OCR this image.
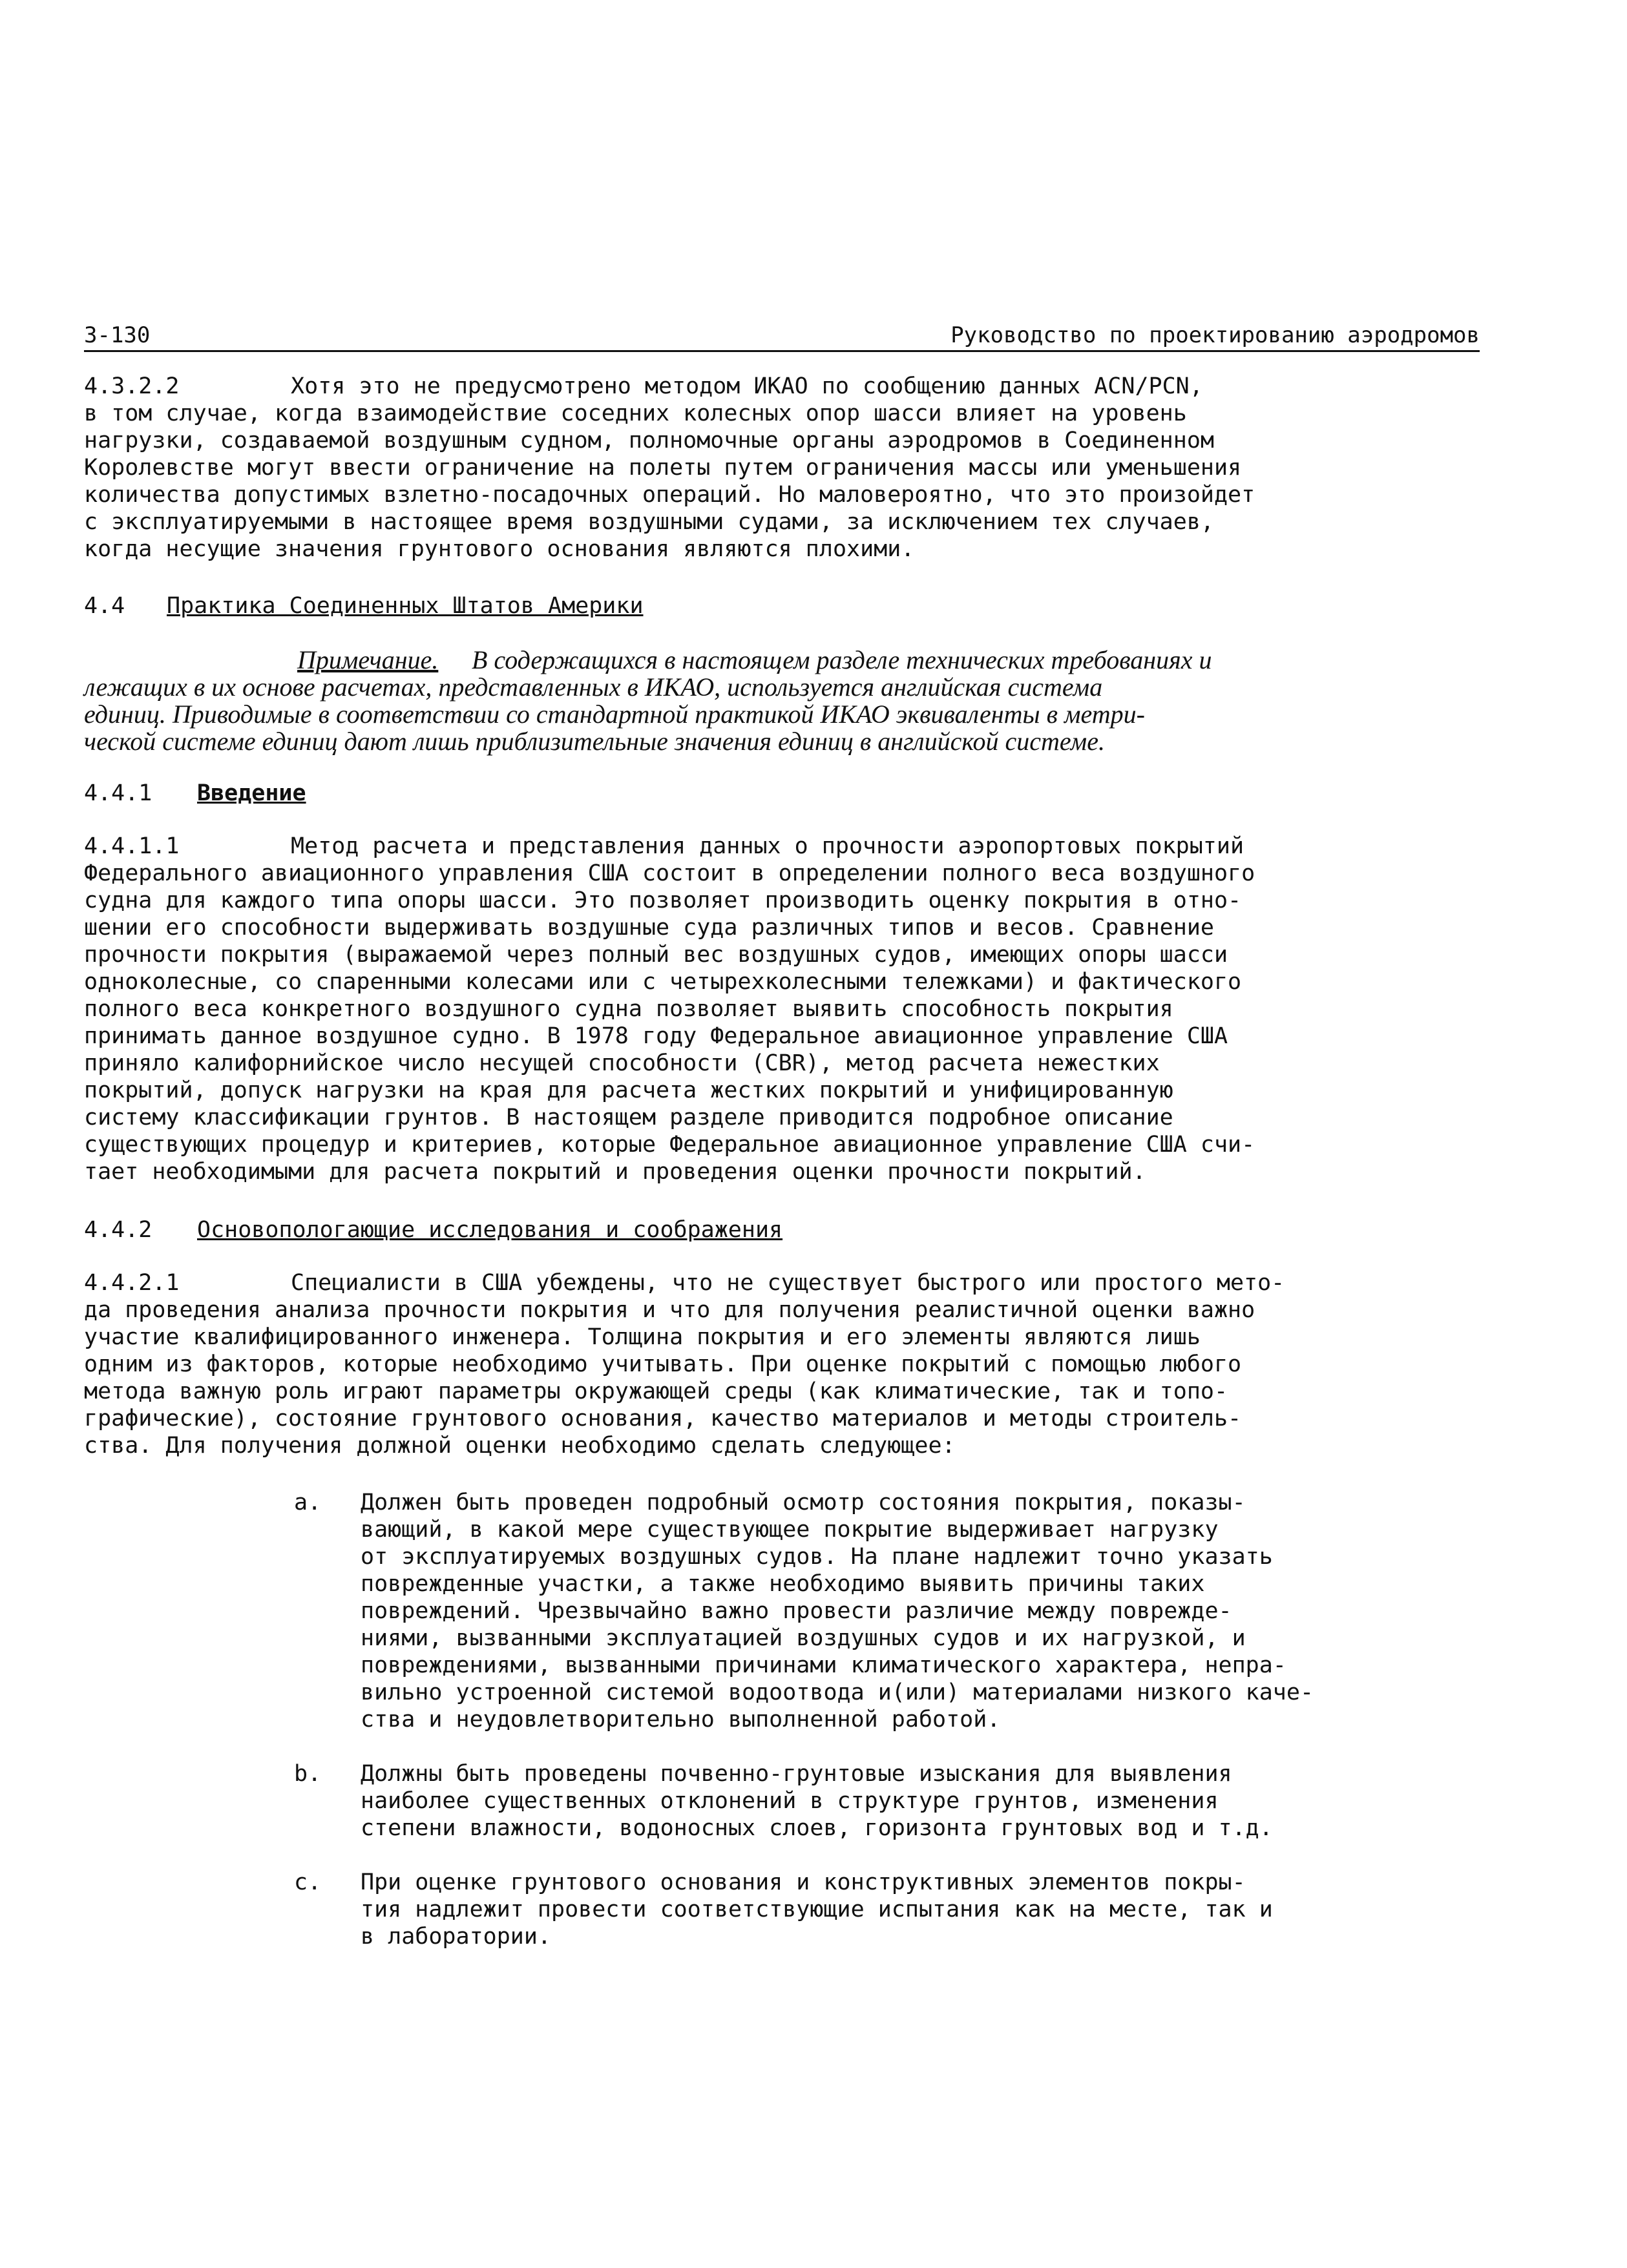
3-130	Руководство по проектированию аэродромов
4.3.2.2	Хотя это не предусмотрено методом ИКАО по сообщению данных ACN/PCN,
в том случае, когда взаимодействие соседних колесных опор шасси влияет на уровень
нагрузки, создаваемой воздушным судном, полномочные органы аэродромов в Соединенном
Королевстве могут ввести ограничение на полеты путем ограничения массы или уменьшения
количества допустимых взлетно-посадочных операций. Но маловероятно, что это произойдет
с эксплуатируемыми в настоящее время воздушными судами, за исключением тех случаев,
когда несущие значения грунтового основания являются плохими.
4.4 Практика Соединенных Штатов Америки
Примечание. В содержащихся в настоящем разделе технических требованиях и
лежащих в их основе расчетах, представленных в ИКАО, используется английская система
единиц. Приводимые в соответствии со стандартной практикой ИКАО эквиваленты в метри-
ческой системе единиц дают лишь приблизительные значения единиц в английской системе.
4.4.1 Введение
4.4.1.1	Метод расчета и представления данных о прочности аэропортовых покрытий
Федерального авиационного управления США состоит в определении полного веса воздушного
судна для каждого типа опоры шасси. Это позволяет производить оценку покрытия в отно-
шении его способности выдерживать воздушные суда различных типов и весов. Сравнение
прочности покрытия (выражаемой через полный вес воздушных судов, имеющих опоры шасси
одноколесные, со спаренными колесами или с четырехколесными тележками) и фактического
полного веса конкретного воздушного судна позволяет выявить способность покрытия
принимать данное воздушное судно. В 1978 году Федеральное авиационное управление США
приняло калифорнийское число несущей способности (CBR), метод расчета нежестких
покрытий, допуск нагрузки на края для расчета жестких покрытий и унифицированную
систему классификации грунтов. В настоящем разделе приводится подробное описание
существующих процедур и критериев, которые Федеральное авиационное управление США счи-
тает необходимыми для расчета покрытий и проведения оценки прочности покрытий.
4.4.2 Основопологающие исследования и соображения
4.4.2.1	Специалисти в США убеждены, что не существует быстрого или простого мето-
да проведения анализа прочности покрытия и что для получения реалистичной оценки важно
участие квалифицированного инженера. Толщина покрытия и его элементы являются лишь
одним из факторов, которые необходимо учитывать. При оценке покрытий с помощью любого
метода важную роль играют параметры окружающей среды (как климатические, так и топо-
графические), состояние грунтового основания, качество материалов и методы строитель-
ства. Для получения должной оценки необходимо сделать следующее:
a. Должен быть проведен подробный осмотр состояния покрытия, показы-
вающий, в какой мере существующее покрытие выдерживает нагрузку
от эксплуатируемых воздушных судов. На плане надлежит точно указать
поврежденные участки, а также необходимо выявить причины таких
повреждений. Чрезвычайно важно провести различие между поврежде-
ниями, вызванными эксплуатацией воздушных судов и их нагрузкой, и
повреждениями, вызванными причинами климатического характера, непра-
вильно устроенной системой водоотвода и(или) материалами низкого каче-
ства и неудовлетворительно выполненной работой.
b. Должны быть проведены почвенно-грунтовые изыскания для выявления
наиболее существенных отклонений в структуре грунтов, изменения
степени влажности, водоносных слоев, горизонта грунтовых вод и т.д.
c. При оценке грунтового основания и конструктивных элементов покры-
тия надлежит провести соответствующие испытания как на месте, так и
в лаборатории.
